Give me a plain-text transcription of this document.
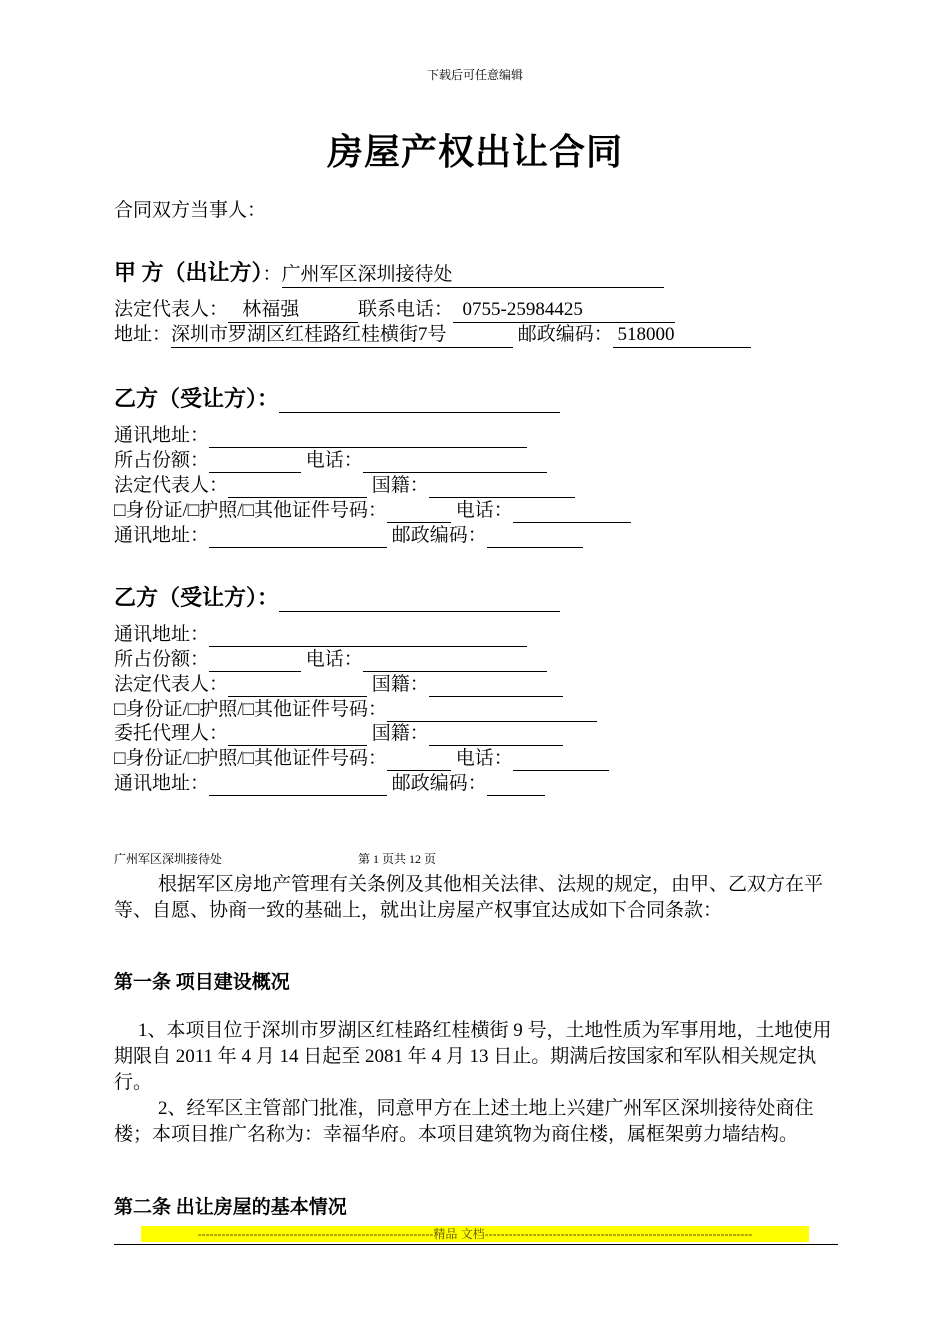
下载后可任意编辑
房屋产权出让合同
合同双方当事人：
甲 方（出让方）：广州军区深圳接待处
法定代表人： 林福强	联系电话： 0755-25984425
地址：深圳市罗湖区红桂路红桂横街7号	邮政编码： 518000
乙方（受让方）：
通讯地址：
所占份额：	电话：
法定代表人：	国籍：
□身份证/□护照/□其他证件号码：	电话：
通讯地址：	邮政编码：
乙方（受让方）：
通讯地址：
所占份额：	电话：
法定代表人：	国籍：
□身份证/□护照/□其他证件号码：
委托代理人：	国籍：
□身份证/□护照/□其他证件号码：	电话：
通讯地址：	邮政编码：
广州军区深圳接待处	第 1 页共 12 页
根据军区房地产管理有关条例及其他相关法律、法规的规定，由甲、乙双方在平等、自愿、协商一致的基础上，就出让房屋产权事宜达成如下合同条款：
第一条 项目建设概况
1、本项目位于深圳市罗湖区红桂路红桂横街 9 号，土地性质为军事用地，土地使用期限自 2011 年 4 月 14 日起至 2081 年 4 月 13 日止。期满后按国家和军队相关规定执行。
2、经军区主管部门批准，同意甲方在上述土地上兴建广州军区深圳接待处商住楼；本项目推广名称为：幸福华府。本项目建筑物为商住楼，属框架剪力墙结构。
第二条 出让房屋的基本情况
-----------------------------------------------------------精品 文档-------------------------------------------------------------------
